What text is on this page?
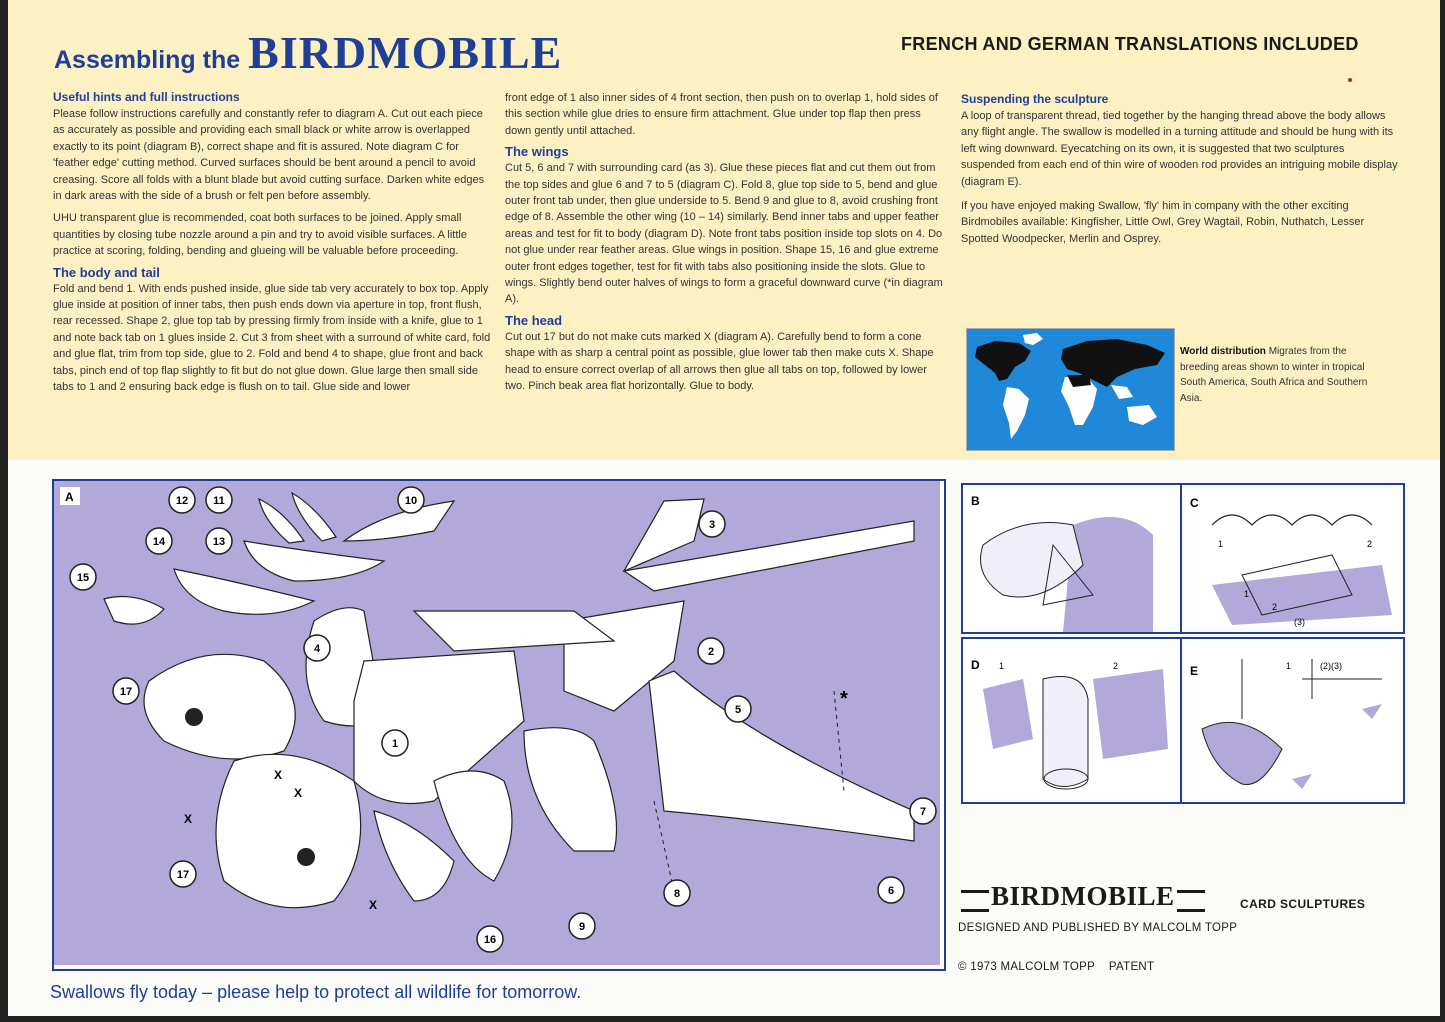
Assembling the BIRDMOBILE	FRENCH AND GERMAN TRANSLATIONS INCLUDED
Useful hints and full instructions

Please follow instructions carefully and constantly refer to diagram A. Cut out each piece as accurately as possible and providing each small black or white arrow is overlapped exactly to its point (diagram B), correct shape and fit is assured. Note diagram C for 'feather edge' cutting method. Curved surfaces should be bent around a pencil to avoid creasing. Score all folds with a blunt blade but avoid cutting surface. Darken white edges in dark areas with the side of a brush or felt pen before assembly.

UHU transparent glue is recommended, coat both surfaces to be joined. Apply small quantities by closing tube nozzle around a pin and try to avoid visible surfaces. A little practice at scoring, folding, bending and glueing will be valuable before proceeding.

The body and tail

Fold and bend 1. With ends pushed inside, glue side tab very accurately to box top. Apply glue inside at position of inner tabs, then push ends down via aperture in top, front flush, rear recessed. Shape 2, glue top tab by pressing firmly from inside with a knife, glue to 1 and note back tab on 1 glues inside 2. Cut 3 from sheet with a surround of white card, fold and glue flat, trim from top side, glue to 2. Fold and bend 4 to shape, glue front and back tabs, pinch end of top flap slightly to fit but do not glue down. Glue large then small side tabs to 1 and 2 ensuring back edge is flush on to tail. Glue side and lower

front edge of 1 also inner sides of 4 front section, then push on to overlap 1, hold sides of this section while glue dries to ensure firm attachment. Glue under top flap then press down gently until attached.

The wings

Cut 5, 6 and 7 with surrounding card (as 3). Glue these pieces flat and cut them out from the top sides and glue 6 and 7 to 5 (diagram C). Fold 8, glue top side to 5, bend and glue outer front tab under, then glue underside to 5. Bend 9 and glue to 8, avoid crushing front edge of 8. Assemble the other wing (10 – 14) similarly. Bend inner tabs and upper feather areas and test for fit to body (diagram D). Note front tabs position inside top slots on 4. Do not glue under rear feather areas. Glue wings in position. Shape 15, 16 and glue extreme outer front edges together, test for fit with tabs also positioning inside the slots. Glue to wings. Slightly bend outer halves of wings to form a graceful downward curve (*in diagram A).

The head

Cut out 17 but do not make cuts marked X (diagram A). Carefully bend to form a cone shape with as sharp a central point as possible, glue lower tab then make cuts X. Shape head to ensure correct overlap of all arrows then glue all tabs on top, followed by lower two. Pinch beak area flat horizontally. Glue to body.

Suspending the sculpture

A loop of transparent thread, tied together by the hanging thread above the body allows any flight angle. The swallow is modelled in a turning attitude and should be hung with its left wing downward. Eyecatching on its own, it is suggested that two sculptures suspended from each end of thin wire of wooden rod provides an intriguing mobile display (diagram E).

If you have enjoyed making Swallow, 'fly' him in company with the other exciting Birdmobiles available: Kingfisher, Little Owl, Grey Wagtail, Robin, Nuthatch, Lesser Spotted Woodpecker, Merlin and Osprey.

World distribution Migrates from the breeding areas shown to winter in tropical South America, South Africa and Southern Asia.
A
1
2
3
4
5
6
7
8
9
10
11
12
13
14
15
16
17
17
X
X
X
X
*
B	C
1	2
1
2
(3)
D 1	2	E	1	(2)(3)
BIRDMOBILE	CARD SCULPTURES
DESIGNED AND PUBLISHED BY MALCOLM TOPP
© 1973 MALCOLM TOPP    PATENT
Swallows fly today – please help to protect all wildlife for tomorrow.
